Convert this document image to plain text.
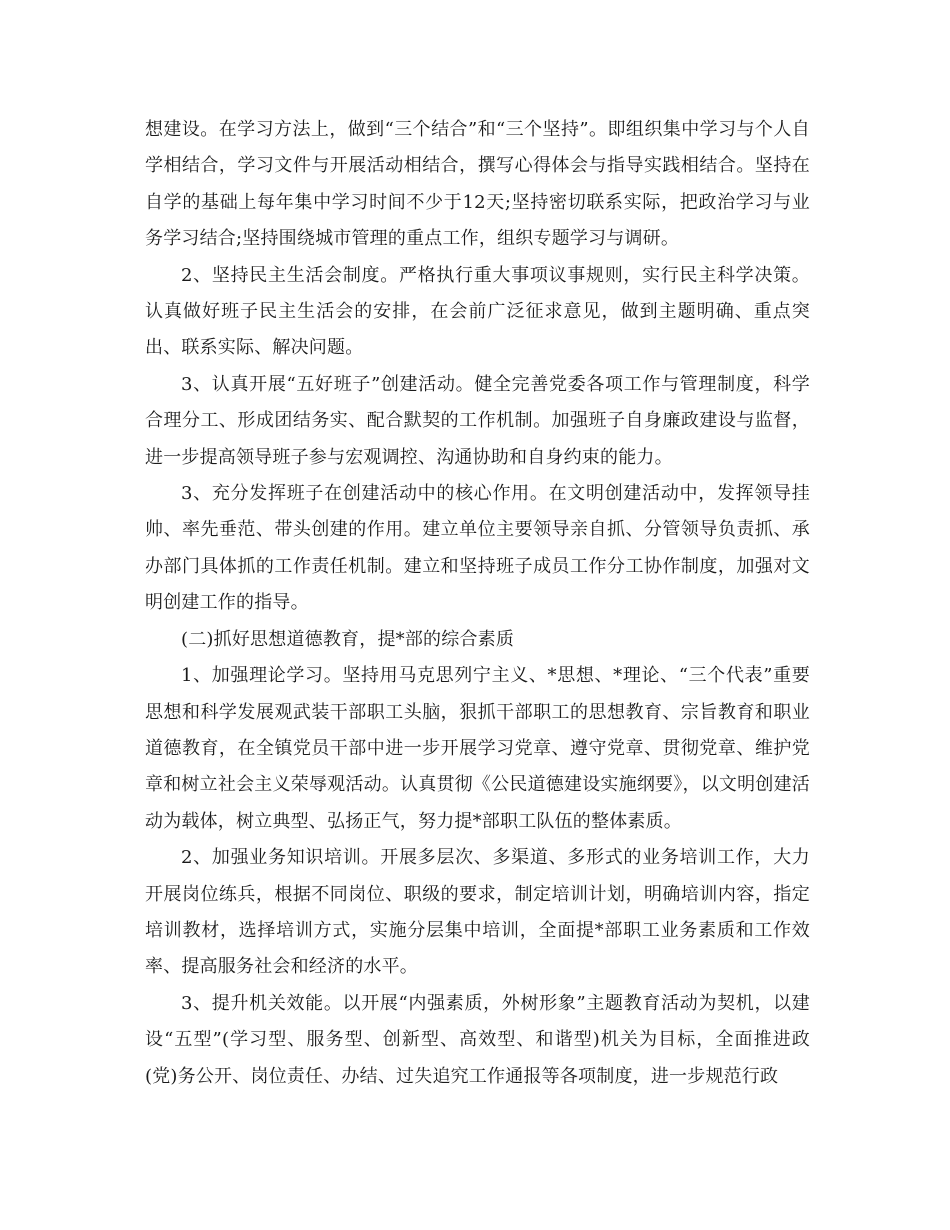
想建设。在学习方法上，做到“三个结合”和“三个坚持”。即组织集中学习与个人自学相结合，学习文件与开展活动相结合，撰写心得体会与指导实践相结合。坚持在自学的基础上每年集中学习时间不少于12天;坚持密切联系实际，把政治学习与业务学习结合;坚持围绕城市管理的重点工作，组织专题学习与调研。

2、坚持民主生活会制度。严格执行重大事项议事规则，实行民主科学决策。认真做好班子民主生活会的安排，在会前广泛征求意见，做到主题明确、重点突出、联系实际、解决问题。

3、认真开展“五好班子”创建活动。健全完善党委各项工作与管理制度，科学合理分工、形成团结务实、配合默契的工作机制。加强班子自身廉政建设与监督，进一步提高领导班子参与宏观调控、沟通协助和自身约束的能力。

3、充分发挥班子在创建活动中的核心作用。在文明创建活动中，发挥领导挂帅、率先垂范、带头创建的作用。建立单位主要领导亲自抓、分管领导负责抓、承办部门具体抓的工作责任机制。建立和坚持班子成员工作分工协作制度，加强对文明创建工作的指导。

(二)抓好思想道德教育，提*部的综合素质

1、加强理论学习。坚持用马克思列宁主义、*思想、*理论、“三个代表”重要思想和科学发展观武装干部职工头脑，狠抓干部职工的思想教育、宗旨教育和职业道德教育，在全镇党员干部中进一步开展学习党章、遵守党章、贯彻党章、维护党章和树立社会主义荣辱观活动。认真贯彻《公民道德建设实施纲要》，以文明创建活动为载体，树立典型、弘扬正气，努力提*部职工队伍的整体素质。

2、加强业务知识培训。开展多层次、多渠道、多形式的业务培训工作，大力开展岗位练兵，根据不同岗位、职级的要求，制定培训计划，明确培训内容，指定培训教材，选择培训方式，实施分层集中培训，全面提*部职工业务素质和工作效率、提高服务社会和经济的水平。

3、提升机关效能。以开展“内强素质，外树形象”主题教育活动为契机，以建设“五型”(学习型、服务型、创新型、高效型、和谐型)机关为目标，全面推进政(党)务公开、岗位责任、办结、过失追究工作通报等各项制度，进一步规范行政
